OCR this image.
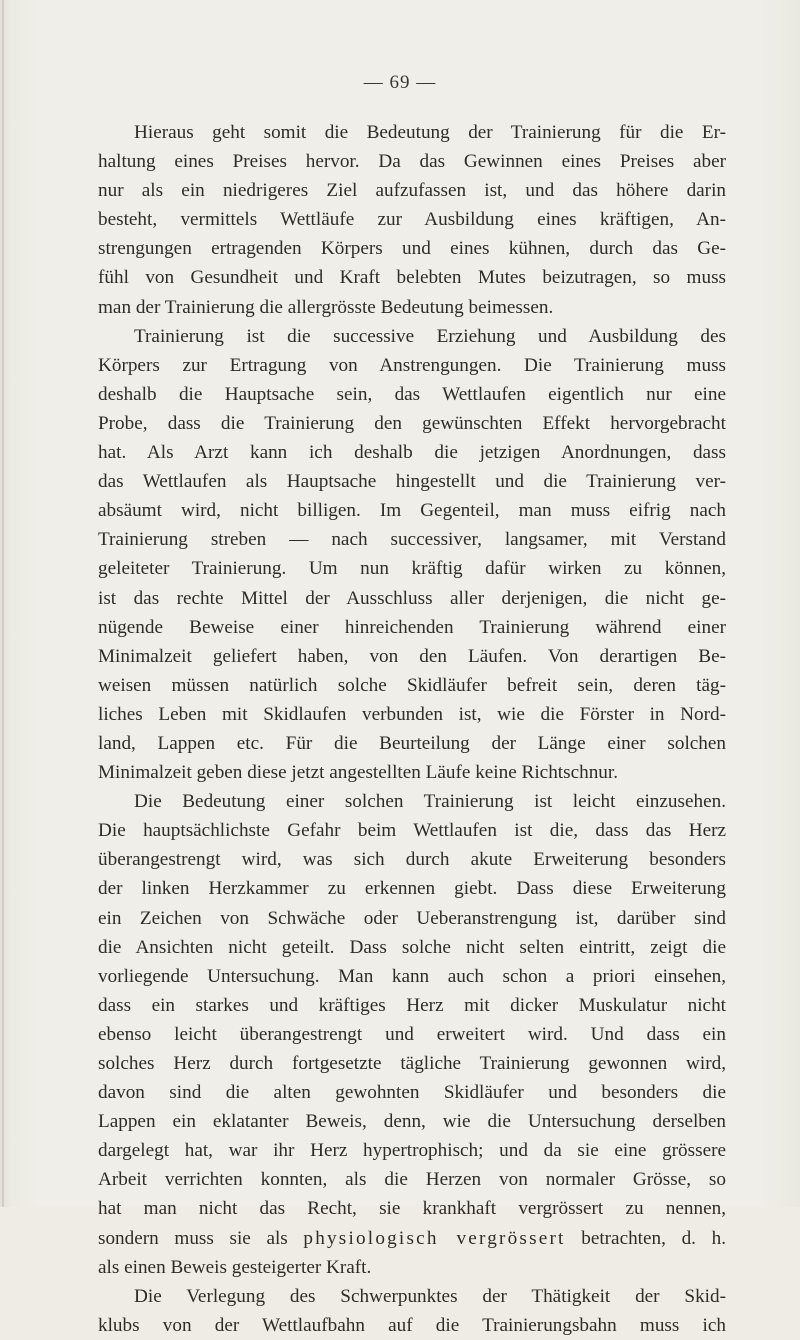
— 69 —
Hieraus geht somit die Bedeutung der Trainierung für die Er-
haltung eines Preises hervor. Da das Gewinnen eines Preises aber
nur als ein niedrigeres Ziel aufzufassen ist, und das höhere darin
besteht, vermittels Wettläufe zur Ausbildung eines kräftigen, An-
strengungen ertragenden Körpers und eines kühnen, durch das Ge-
fühl von Gesundheit und Kraft belebten Mutes beizutragen, so muss
man der Trainierung die allergrösste Bedeutung beimessen.
Trainierung ist die successive Erziehung und Ausbildung des
Körpers zur Ertragung von Anstrengungen. Die Trainierung muss
deshalb die Hauptsache sein, das Wettlaufen eigentlich nur eine
Probe, dass die Trainierung den gewünschten Effekt hervorgebracht
hat. Als Arzt kann ich deshalb die jetzigen Anordnungen, dass
das Wettlaufen als Hauptsache hingestellt und die Trainierung ver-
absäumt wird, nicht billigen. Im Gegenteil, man muss eifrig nach
Trainierung streben — nach successiver, langsamer, mit Verstand
geleiteter Trainierung. Um nun kräftig dafür wirken zu können,
ist das rechte Mittel der Ausschluss aller derjenigen, die nicht ge-
nügende Beweise einer hinreichenden Trainierung während einer
Minimalzeit geliefert haben, von den Läufen. Von derartigen Be-
weisen müssen natürlich solche Skidläufer befreit sein, deren täg-
liches Leben mit Skidlaufen verbunden ist, wie die Förster in Nord-
land, Lappen etc. Für die Beurteilung der Länge einer solchen
Minimalzeit geben diese jetzt angestellten Läufe keine Richtschnur.
Die Bedeutung einer solchen Trainierung ist leicht einzusehen.
Die hauptsächlichste Gefahr beim Wettlaufen ist die, dass das Herz
überangestrengt wird, was sich durch akute Erweiterung besonders
der linken Herzkammer zu erkennen giebt. Dass diese Erweiterung
ein Zeichen von Schwäche oder Ueberanstrengung ist, darüber sind
die Ansichten nicht geteilt. Dass solche nicht selten eintritt, zeigt die
vorliegende Untersuchung. Man kann auch schon a priori einsehen,
dass ein starkes und kräftiges Herz mit dicker Muskulatur nicht
ebenso leicht überangestrengt und erweitert wird. Und dass ein
solches Herz durch fortgesetzte tägliche Trainierung gewonnen wird,
davon sind die alten gewohnten Skidläufer und besonders die
Lappen ein eklatanter Beweis, denn, wie die Untersuchung derselben
dargelegt hat, war ihr Herz hypertrophisch; und da sie eine grössere
Arbeit verrichten konnten, als die Herzen von normaler Grösse, so
hat man nicht das Recht, sie krankhaft vergrössert zu nennen,
sondern muss sie als physiologisch vergrössert betrachten, d. h.
als einen Beweis gesteigerter Kraft.
Die Verlegung des Schwerpunktes der Thätigkeit der Skid-
klubs von der Wettlaufbahn auf die Trainierungsbahn muss ich
